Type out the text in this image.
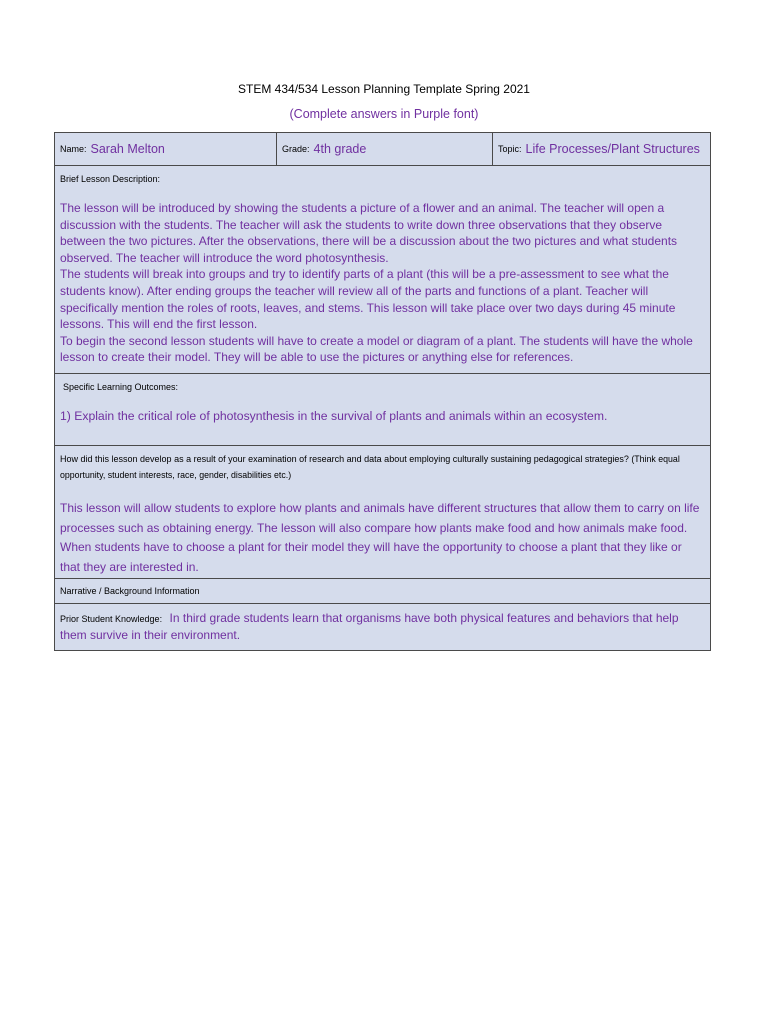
STEM 434/534 Lesson Planning Template Spring 2021
(Complete answers in Purple font)
Name: Sarah Melton	Grade: 4th grade	Topic: Life Processes/Plant Structures
Brief Lesson Description:

The lesson will be introduced by showing the students a picture of a flower and an animal. The teacher will open a discussion with the students. The teacher will ask the students to write down three observations that they observe between the two pictures. After the observations, there will be a discussion about the two pictures and what students observed. The teacher will introduce the word photosynthesis.

The students will break into groups and try to identify parts of a plant (this will be a pre-assessment to see what the students know). After ending groups the teacher will review all of the parts and functions of a plant. Teacher will specifically mention the roles of roots, leaves, and stems. This lesson will take place over two days during 45 minute lessons. This will end the first lesson.

To begin the second lesson students will have to create a model or diagram of a plant. The students will have the whole lesson to create their model. They will be able to use the pictures or anything else for references.

Specific Learning Outcomes:
1) Explain the critical role of photosynthesis in the survival of plants and animals within an ecosystem.
How did this lesson develop as a result of your examination of research and data about employing culturally sustaining pedagogical strategies? (Think equal opportunity, student interests, race, gender, disabilities etc.)
This lesson will allow students to explore how plants and animals have different structures that allow them to carry on life processes such as obtaining energy. The lesson will also compare how plants make food and how animals make food. When students have to choose a plant for their model they will have the opportunity to choose a plant that they like or that they are interested in.
Narrative / Background Information
Prior Student Knowledge: In third grade students learn that organisms have both physical features and behaviors that help them survive in their environment.
